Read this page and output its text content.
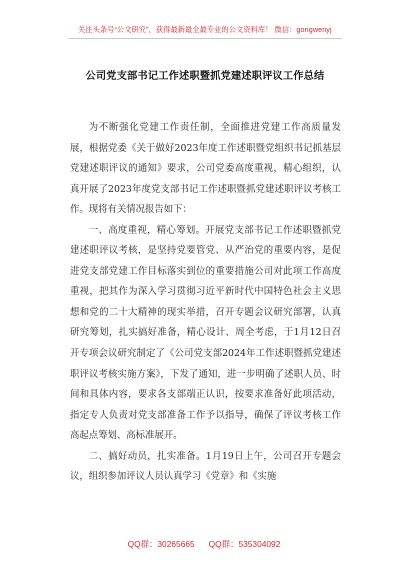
关注头条号“公文研究”，获得最新最全最专业的公文资料库！ 微信：gongwenyj
公司党支部书记工作述职暨抓党建述职评议工作总结

为不断强化党建工作责任制，全面推进党建工作高质量发展，根据党委《关于做好2023年度工作述职暨党组织书记抓基层党建述职评议的通知》要求，公司党委高度重视，精心组织，认真开展了2023年度党支部书记工作述职暨抓党建述职评议考核工作。现将有关情况报告如下：

一、高度重视，精心筹划。开展党支部书记工作述职暨抓党建述职评议考核，是坚持党要管党、从严治党的重要内容，是促进党支部党建工作目标落实到位的重要措施公司对此项工作高度重视，把其作为深入学习贯彻习近平新时代中国特色社会主义思想和党的二十大精神的现实举措，召开专题会议研究部署，认真研究筹划，扎实搞好准备，精心设计、周全考虑，于1月12日召开专项会议研究制定了《公司党支部2024年工作述职暨抓党建述职评议考核实施方案》，下发了通知，进一步明确了述职人员、时间和具体内容，要求各支部端正认识，按要求准备好此项活动，指定专人负责对党支部准备工作予以指导，确保了评议考核工作高起点筹划、高标准展开。

二、搞好动员，扎实准备。1月19日上午，公司召开专题会议，组织参加评议人员认真学习《党章》和《实施

QQ群：30265665 QQ群：535304092
